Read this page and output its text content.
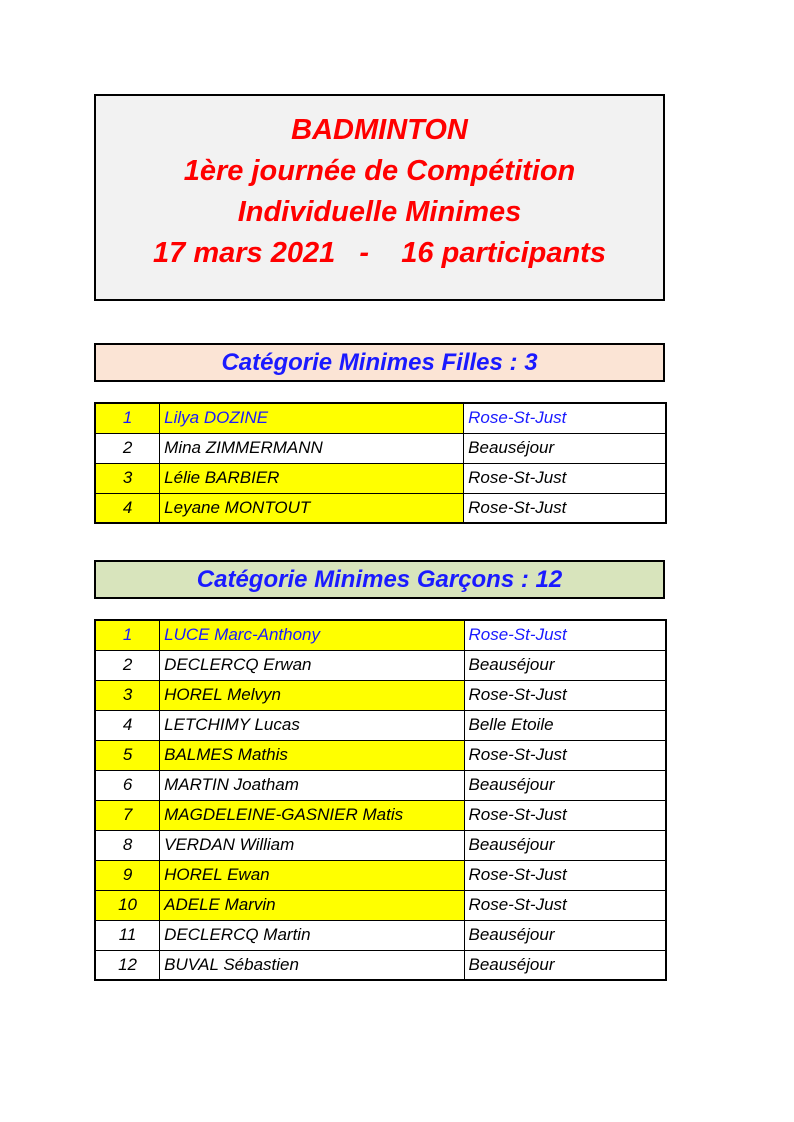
BADMINTON
1ère journée de Compétition
Individuelle Minimes
17 mars 2021   -    16 participants
Catégorie Minimes Filles : 3
1	Lilya DOZINE	Rose-St-Just
2	Mina ZIMMERMANN	Beauséjour
3	Lélie BARBIER	Rose-St-Just
4	Leyane MONTOUT	Rose-St-Just
Catégorie Minimes Garçons : 12
1	LUCE Marc-Anthony	Rose-St-Just
2	DECLERCQ Erwan	Beauséjour
3	HOREL Melvyn	Rose-St-Just
4	LETCHIMY Lucas	Belle Etoile
5	BALMES Mathis	Rose-St-Just
6	MARTIN Joatham	Beauséjour
7	MAGDELEINE-GASNIER Matis	Rose-St-Just
8	VERDAN William	Beauséjour
9	HOREL Ewan	Rose-St-Just
10	ADELE Marvin	Rose-St-Just
11	DECLERCQ Martin	Beauséjour
12	BUVAL Sébastien	Beauséjour
